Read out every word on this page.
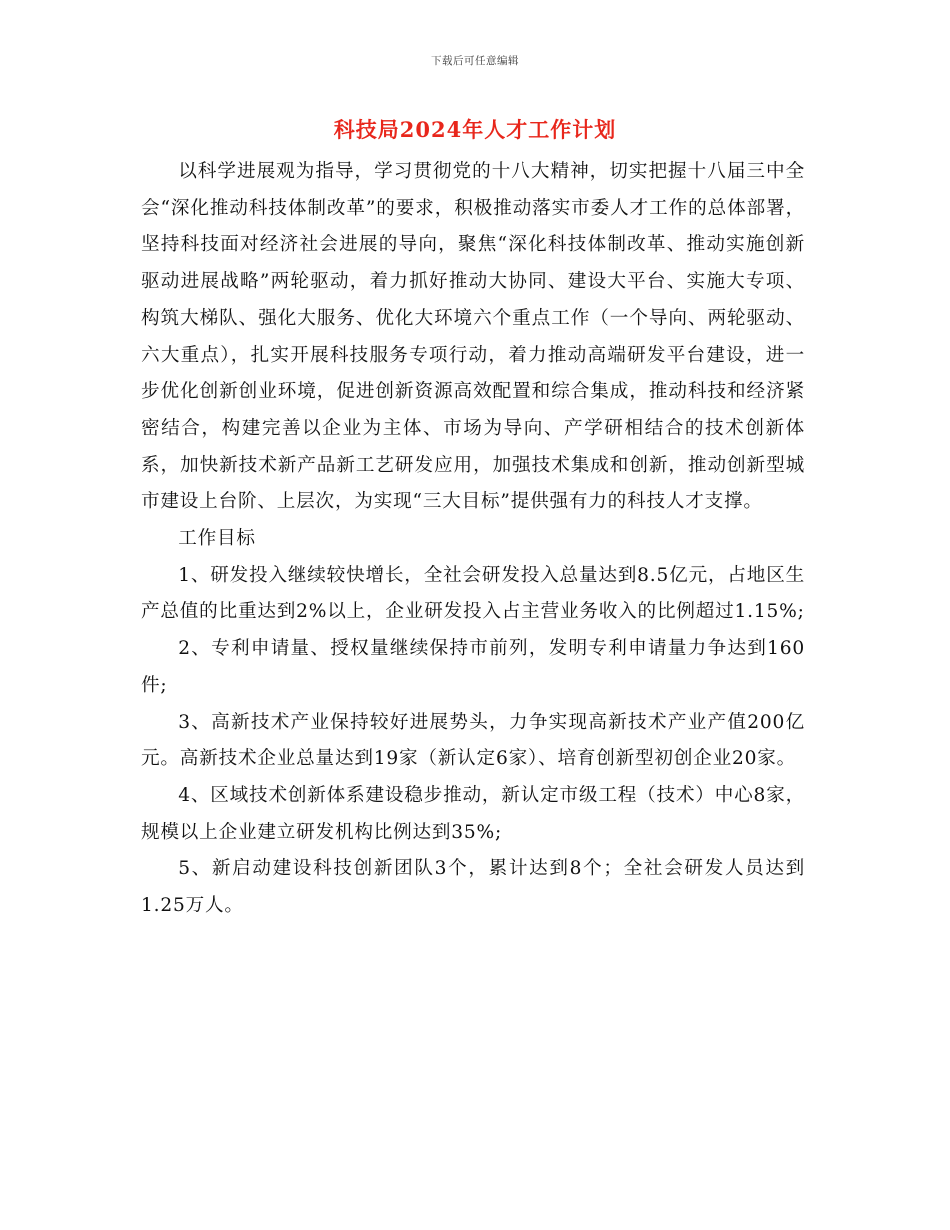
下载后可任意编辑
科技局2024年人才工作计划

以科学进展观为指导，学习贯彻党的十八大精神，切实把握十八届三中全会“深化推动科技体制改革”的要求，积极推动落实市委人才工作的总体部署，坚持科技面对经济社会进展的导向，聚焦“深化科技体制改革、推动实施创新驱动进展战略”两轮驱动，着力抓好推动大协同、建设大平台、实施大专项、构筑大梯队、强化大服务、优化大环境六个重点工作（一个导向、两轮驱动、六大重点），扎实开展科技服务专项行动，着力推动高端研发平台建设，进一步优化创新创业环境，促进创新资源高效配置和综合集成，推动科技和经济紧密结合，构建完善以企业为主体、市场为导向、产学研相结合的技术创新体系，加快新技术新产品新工艺研发应用，加强技术集成和创新，推动创新型城市建设上台阶、上层次，为实现“三大目标”提供强有力的科技人才支撑。

工作目标

1、研发投入继续较快增长，全社会研发投入总量达到8.5亿元，占地区生产总值的比重达到2%以上，企业研发投入占主营业务收入的比例超过1.15%;

2、专利申请量、授权量继续保持市前列，发明专利申请量力争达到160件;

3、高新技术产业保持较好进展势头，力争实现高新技术产业产值200亿元。高新技术企业总量达到19家（新认定6家）、培育创新型初创企业20家。

4、区域技术创新体系建设稳步推动，新认定市级工程（技术）中心8家，规模以上企业建立研发机构比例达到35%;

5、新启动建设科技创新团队3个，累计达到8个；全社会研发人员达到1.25万人。
